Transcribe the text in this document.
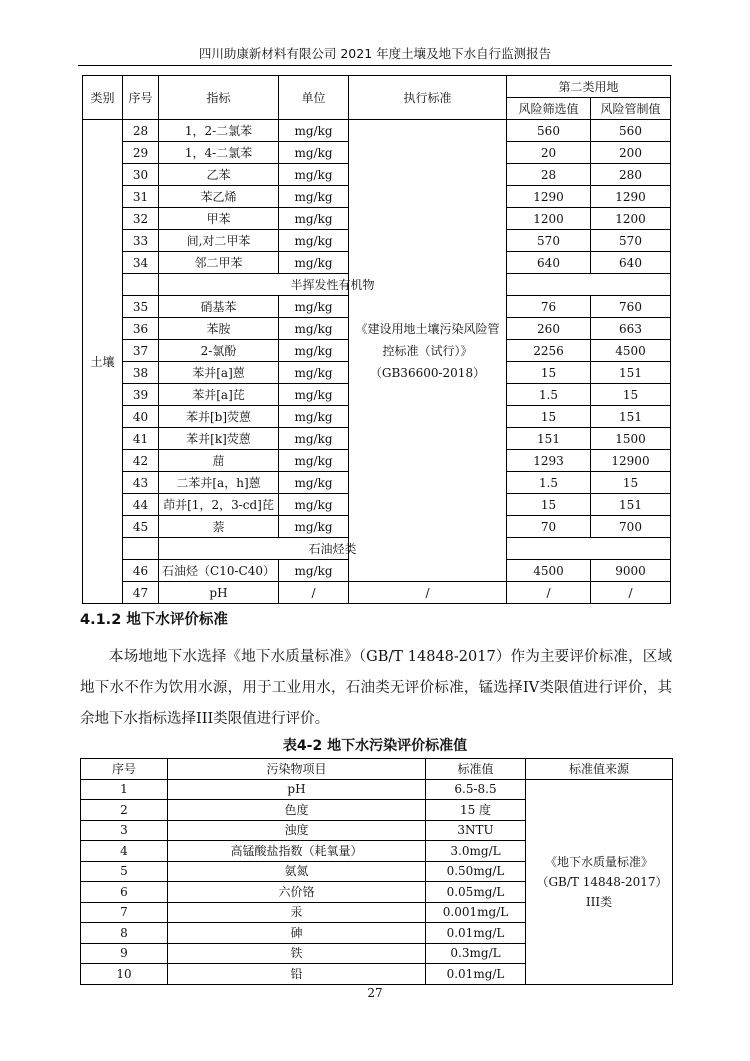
四川助康新材料有限公司 2021 年度土壤及地下水自行监测报告
类别	序号	指标	单位	执行标准	第二类用地	
					风险筛选值	风险管制值
土壤	28	1，2-二氯苯	mg/kg	《建设用地土壤污染风险管控标准（试行）》（GB36600-2018）	560	560
	29	1，4-二氯苯	mg/kg		20	200
	30	乙苯	mg/kg		28	280
	31	苯乙烯	mg/kg		1290	1290
	32	甲苯	mg/kg		1200	1200
	33	间,对二甲苯	mg/kg		570	570
	34	邻二甲苯	mg/kg		640	640
		半挥发性有机物				
	35	硝基苯	mg/kg		76	760
	36	苯胺	mg/kg		260	663
	37	2-氯酚	mg/kg		2256	4500
	38	苯并[a]蒽	mg/kg		15	151
	39	苯并[a]芘	mg/kg		1.5	15
	40	苯并[b]荧蒽	mg/kg		15	151
	41	苯并[k]荧蒽	mg/kg		151	1500
	42	䓛	mg/kg		1293	12900
	43	二苯并[a，h]蒽	mg/kg		1.5	15
	44	茚并[1，2，3-cd]芘	mg/kg		15	151
	45	萘	mg/kg		70	700
		石油烃类				
	46	石油烃（C10-C40）	mg/kg		4500	9000
	47	pH	/	/	/	/
4.1.2 地下水评价标准
本场地地下水选择《地下水质量标准》（GB/T 14848-2017）作为主要评价标准，区域地下水不作为饮用水源，用于工业用水，石油类无评价标准，锰选择IV类限值进行评价，其余地下水指标选择III类限值进行评价。
表4-2 地下水污染评价标准值
序号	污染物项目	标准值	标准值来源
1	pH	6.5-8.5	《地下水质量标准》（GB/T 14848-2017）III类
2	色度	15 度	
3	浊度	3NTU	
4	高锰酸盐指数（耗氧量）	3.0mg/L	
5	氨氮	0.50mg/L	
6	六价铬	0.05mg/L	
7	汞	0.001mg/L	
8	砷	0.01mg/L	
9	铁	0.3mg/L	
10	铅	0.01mg/L	
27
